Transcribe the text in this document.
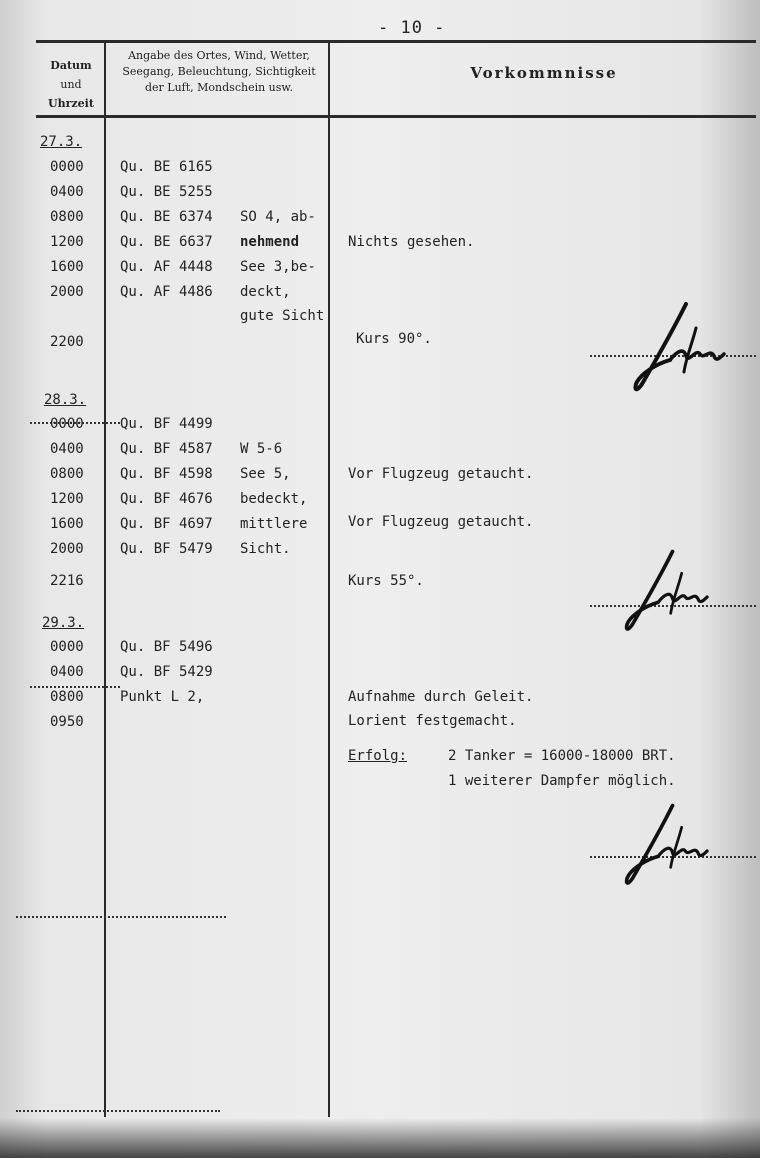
- 10 -
Datum
und
Uhrzeit
Angabe des Ortes, Wind, Wetter,
Seegang, Beleuchtung, Sichtigkeit
der Luft, Mondschein usw.
Vorkommnisse
27.3.
0000	Qu. BE 6165
0400	Qu. BE 5255
0800	Qu. BE 6374 SO 4, ab-
1200	Qu. BE 6637 nehmend	Nichts gesehen.
1600	Qu. AF 4448 See 3,be-
2000	Qu. AF 4486 deckt,
gute Sicht
2200	Kurs 90°.
28.3.
0000	Qu. BF 4499
0400	Qu. BF 4587 W 5-6
0800	Qu. BF 4598 See 5,	Vor Flugzeug getaucht.
1200	Qu. BF 4676 bedeckt,
1600	Qu. BF 4697 mittlere	Vor Flugzeug getaucht.
2000	Qu. BF 5479 Sicht.
2216	Kurs 55°.
29.3.
0000	Qu. BF 5496
0400	Qu. BF 5429
0800	Punkt L 2,	Aufnahme durch Geleit.
0950	Lorient festgemacht.
Erfolg:	2 Tanker = 16000-18000 BRT.
1 weiterer Dampfer möglich.
